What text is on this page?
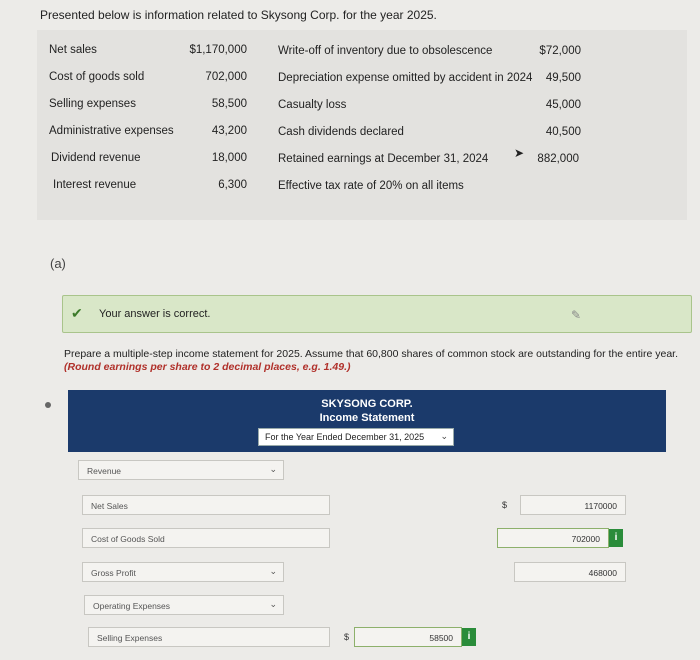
Presented below is information related to Skysong Corp. for the year 2025.
Net sales	$1,170,000
Cost of goods sold	702,000
Selling expenses	58,500
Administrative expenses	43,200
Dividend revenue	18,000
Interest revenue	6,300
Write-off of inventory due to obsolescence	$72,000
Depreciation expense omitted by accident in 2024	49,500
Casualty loss	45,000
Cash dividends declared	40,500
Retained earnings at December 31, 2024	882,000
Effective tax rate of 20% on all items
➤
(a)
✔ Your answer is correct.	✎
Prepare a multiple-step income statement for 2025. Assume that 60,800 shares of common stock are outstanding for the entire year. (Round earnings per share to 2 decimal places, e.g. 1.49.)
SKYSONG CORP.
Income Statement
For the Year Ended December 31, 2025 ⌄
Revenue	⌄
Net Sales	$	1170000
Cost of Goods Sold	702000	i
Gross Profit	⌄	468000
Operating Expenses	⌄
Selling Expenses	$	58500	i
